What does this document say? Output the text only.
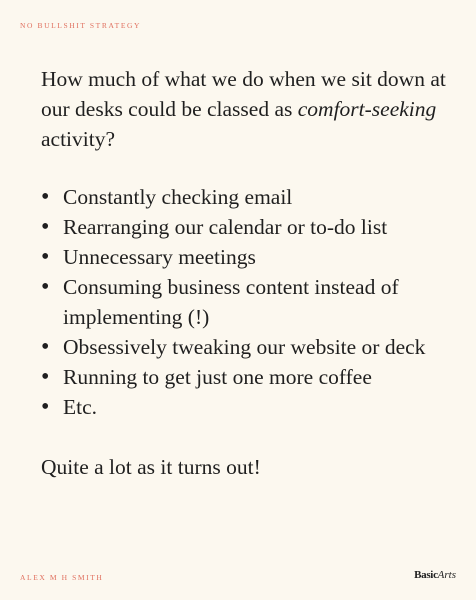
NO BULLSHIT STRATEGY

How much of what we do when we sit down at our desks could be classed as comfort-seeking activity?

• Constantly checking email
• Rearranging our calendar or to-do list
• Unnecessary meetings
• Consuming business content instead of implementing (!)
• Obsessively tweaking our website or deck
• Running to get just one more coffee
• Etc.

Quite a lot as it turns out!

ALEX M H SMITH	BasicArts
